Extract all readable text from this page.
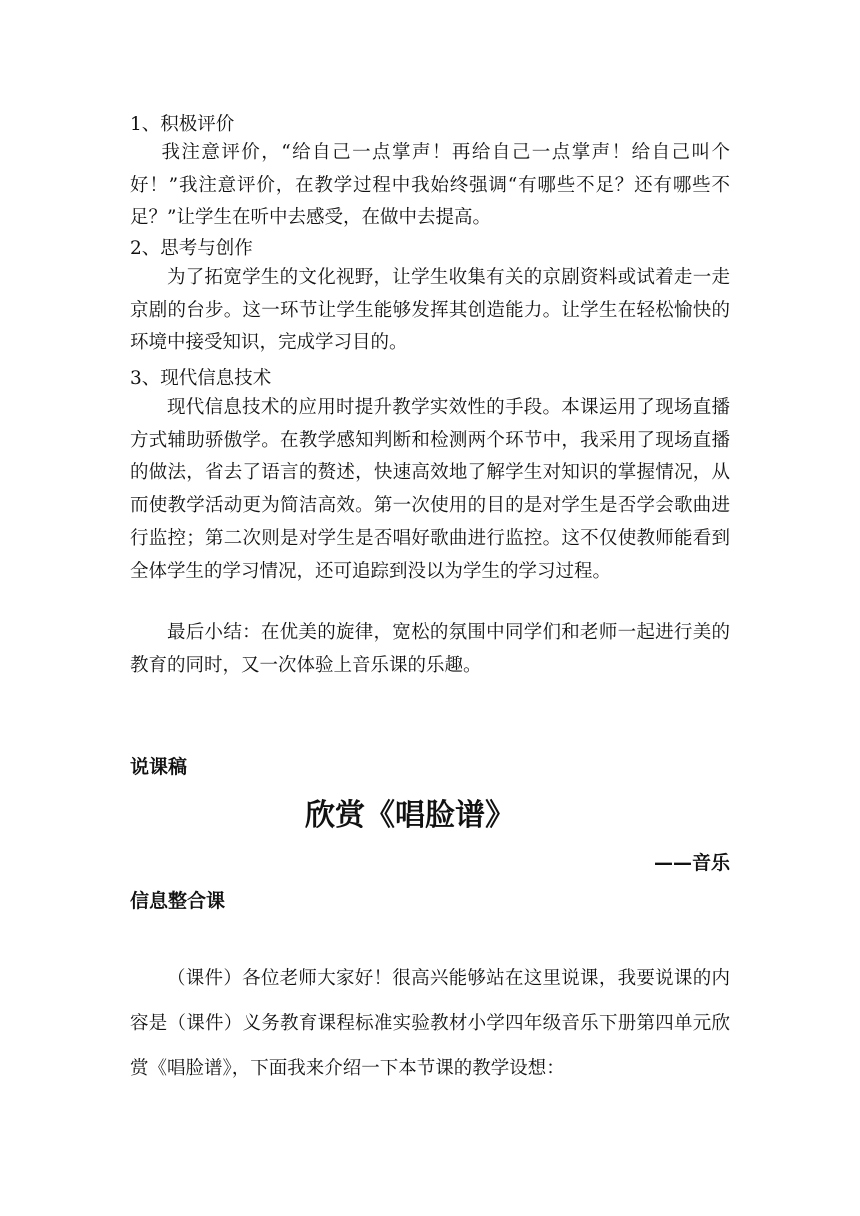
1、积极评价
我注意评价，“给自己一点掌声！再给自己一点掌声！给自己叫个好！”我注意评价，在教学过程中我始终强调“有哪些不足？还有哪些不足？”让学生在听中去感受，在做中去提高。
2、思考与创作
为了拓宽学生的文化视野，让学生收集有关的京剧资料或试着走一走京剧的台步。这一环节让学生能够发挥其创造能力。让学生在轻松愉快的环境中接受知识，完成学习目的。
3、现代信息技术
现代信息技术的应用时提升教学实效性的手段。本课运用了现场直播方式辅助骄傲学。在教学感知判断和检测两个环节中，我采用了现场直播的做法，省去了语言的赘述，快速高效地了解学生对知识的掌握情况，从而使教学活动更为简洁高效。第一次使用的目的是对学生是否学会歌曲进行监控；第二次则是对学生是否唱好歌曲进行监控。这不仅使教师能看到全体学生的学习情况，还可追踪到没以为学生的学习过程。
最后小结：在优美的旋律，宽松的氛围中同学们和老师一起进行美的教育的同时，又一次体验上音乐课的乐趣。
说课稿
欣赏《唱脸谱》
——音乐
信息整合课
（课件）各位老师大家好！很高兴能够站在这里说课，我要说课的内容是（课件）义务教育课程标准实验教材小学四年级音乐下册第四单元欣赏《唱脸谱》，下面我来介绍一下本节课的教学设想：
